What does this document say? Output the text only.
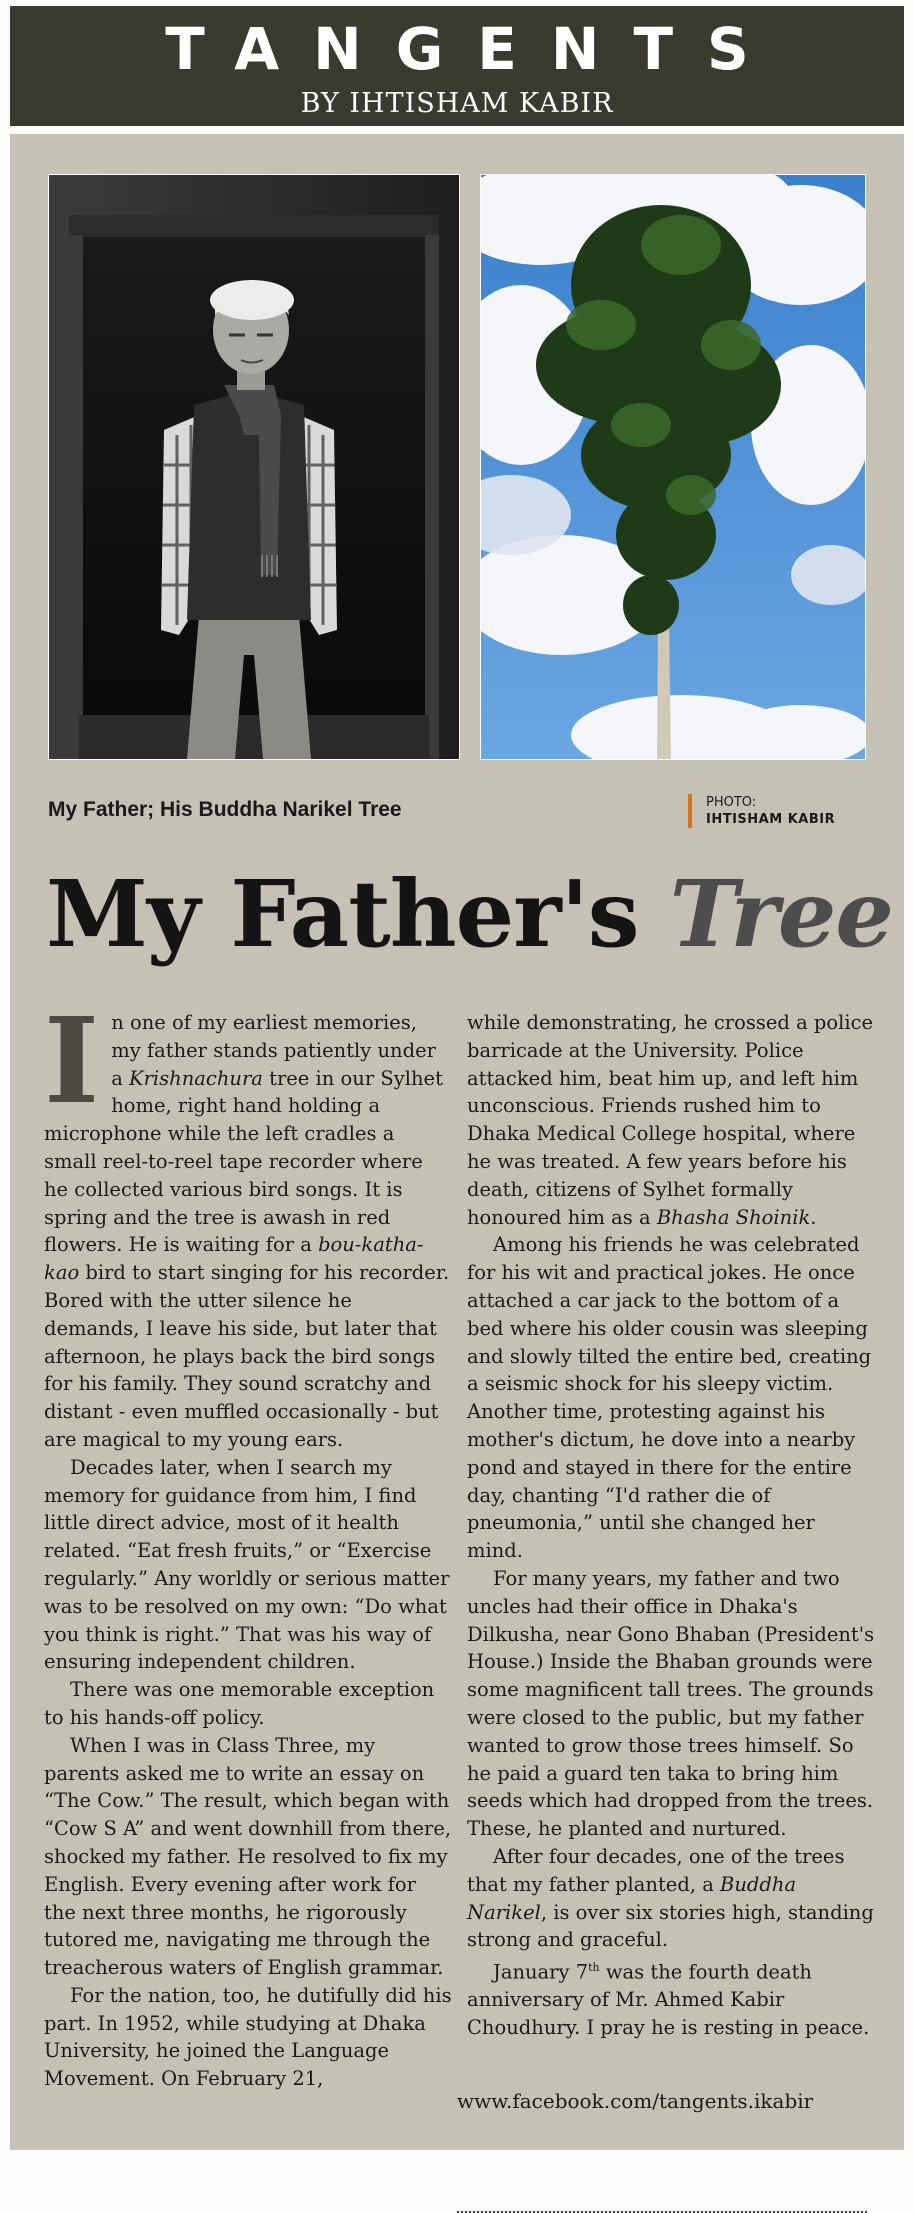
TANGENTS
BY IHTISHAM KABIR
My Father; His Buddha Narikel Tree	PHOTO:
IHTISHAM KABIR
My Father's Tree

In one of my earliest memories, my father stands patiently under a Krishnachura tree in our Sylhet home, right hand holding a microphone while the left cradles a small reel-to-reel tape recorder where he collected various bird songs. It is spring and the tree is awash in red flowers. He is waiting for a bou-katha-kao bird to start singing for his recorder. Bored with the utter silence he demands, I leave his side, but later that afternoon, he plays back the bird songs for his family. They sound scratchy and distant - even muffled occasionally - but are magical to my young ears.

Decades later, when I search my memory for guidance from him, I find little direct advice, most of it health related. “Eat fresh fruits,” or “Exercise regularly.” Any worldly or serious matter was to be resolved on my own: “Do what you think is right.” That was his way of ensuring independent children.

There was one memorable exception to his hands-off policy.

When I was in Class Three, my parents asked me to write an essay on “The Cow.” The result, which began with “Cow S A” and went downhill from there, shocked my father. He resolved to fix my English. Every evening after work for the next three months, he rigorously tutored me, navigating me through the treacherous waters of English grammar.

For the nation, too, he dutifully did his part. In 1952, while studying at Dhaka University, he joined the Language Movement. On February 21,

while demonstrating, he crossed a police barricade at the University. Police attacked him, beat him up, and left him unconscious. Friends rushed him to Dhaka Medical College hospital, where he was treated. A few years before his death, citizens of Sylhet formally honoured him as a Bhasha Shoinik.

Among his friends he was celebrated for his wit and practical jokes. He once attached a car jack to the bottom of a bed where his older cousin was sleeping and slowly tilted the entire bed, creating a seismic shock for his sleepy victim. Another time, protesting against his mother's dictum, he dove into a nearby pond and stayed in there for the entire day, chanting “I'd rather die of pneumonia,” until she changed her mind.

For many years, my father and two uncles had their office in Dhaka's Dilkusha, near Gono Bhaban (President's House.) Inside the Bhaban grounds were some magnificent tall trees. The grounds were closed to the public, but my father wanted to grow those trees himself. So he paid a guard ten taka to bring him seeds which had dropped from the trees. These, he planted and nurtured.

After four decades, one of the trees that my father planted, a Buddha Narikel, is over six stories high, standing strong and graceful.

January 7th was the fourth death anniversary of Mr. Ahmed Kabir Choudhury. I pray he is resting in peace.

www.facebook.com/tangents.ikabir
